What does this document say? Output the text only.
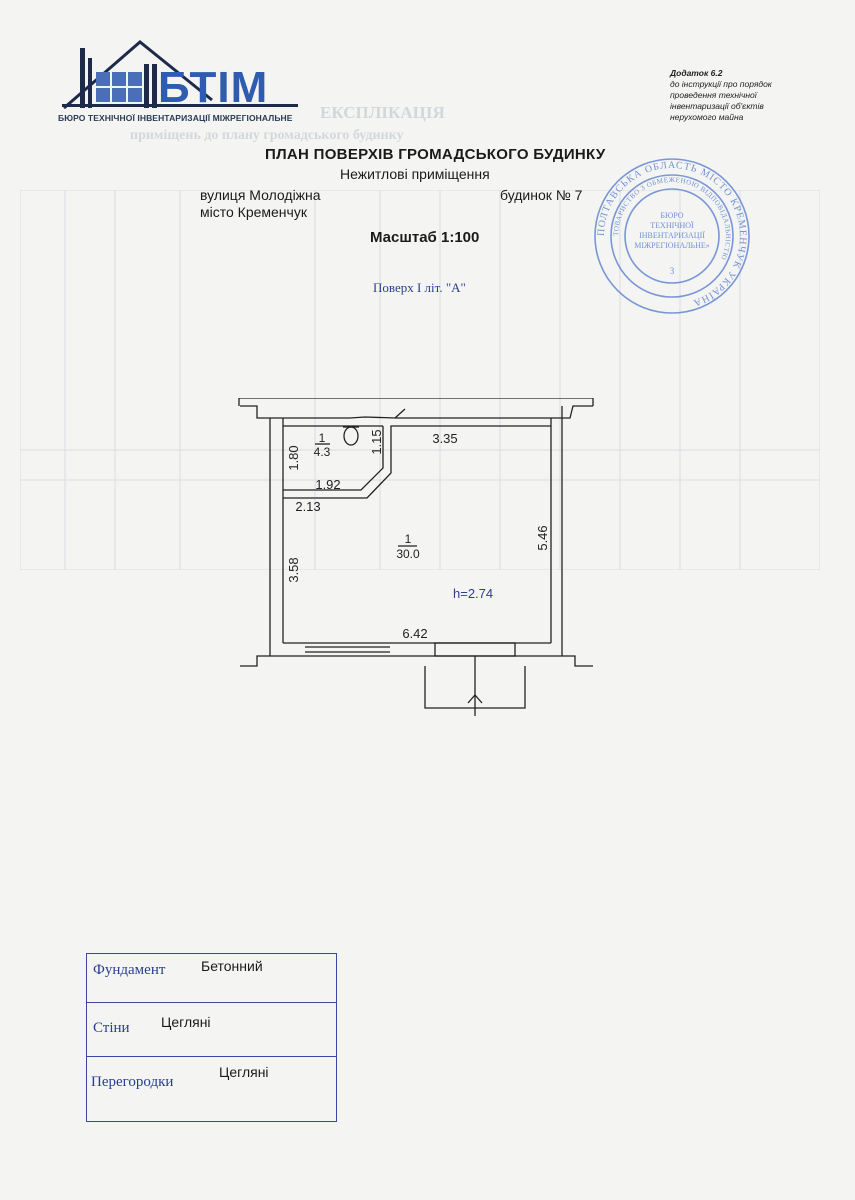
ЕКСПЛІКАЦІЯ
приміщень до плану громадського будинку
БТІМ
БЮРО ТЕХНІЧНОЇ ІНВЕНТАРИЗАЦІЇ МІЖРЕГІОНАЛЬНЕ
Додаток 6.2
до інструкції про порядок
проведення технічної
інвентаризації об'єктів
нерухомого майна
ПЛАН ПОВЕРХІВ ГРОМАДСЬКОГО БУДИНКУ
Нежитлові приміщення
вулиця Молодіжна
місто Кременчук
будинок № 7
Масштаб 1:100
Поверх І літ. "А"
ПОЛТАВСЬКА ОБЛАСТЬ МІСТО КРЕМЕНЧУК УКРАЇНА
ТОВАРИСТВО З ОБМЕЖЕНОЮ ВІДПОВІДАЛЬНІСТЮ
БЮРО
ТЕХНІЧНОЇ
ІНВЕНТАРИЗАЦІЇ
МІЖРЕГІОНАЛЬНЕ»
3
1
4.3
1
30.0
h=2.74
3.35
1.92
2.13
6.42
1.80
1.15
3.58
5.46
Фундамент	Бетонний
Стіни Цегляні
Перегородки
Цегляні
